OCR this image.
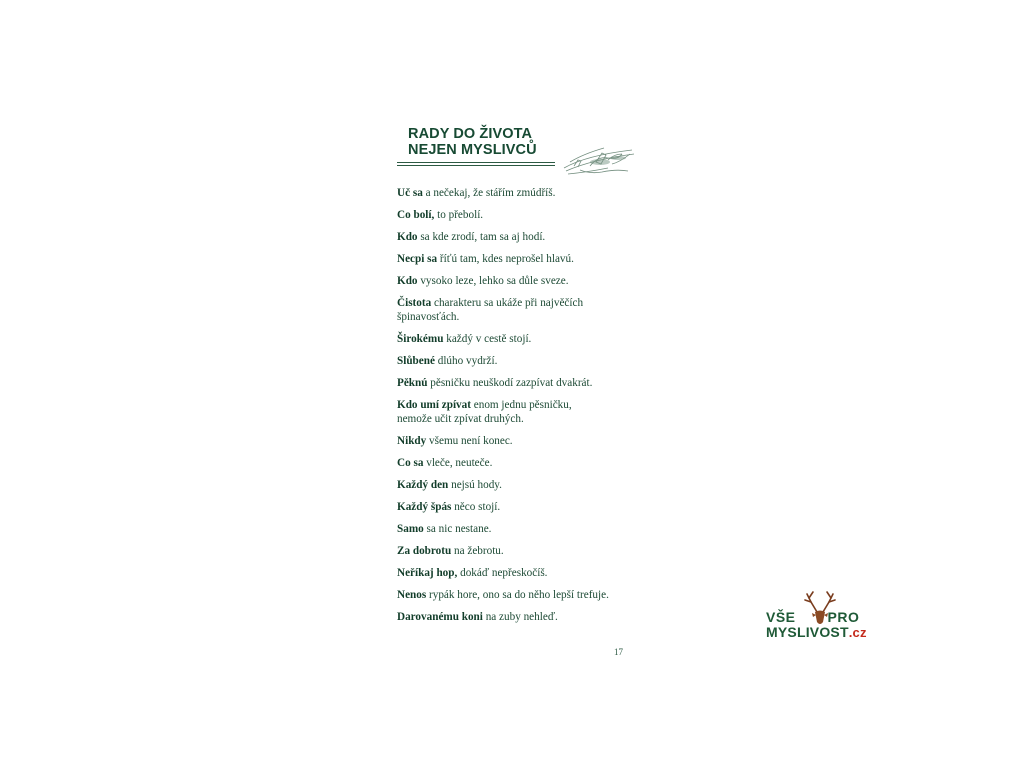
RADY DO ŽIVOTA
NEJEN MYSLIVCŮ
Uč sa a nečekaj, že stářím zmúdříš.
Co bolí, to přebolí.
Kdo sa kde zrodí, tam sa aj hodí.
Necpi sa říťú tam, kdes neprošel hlavú.
Kdo vysoko leze, lehko sa důle sveze.
Čistota charakteru sa ukáže při najvěčích špinavosťách.
Širokému každý v cestě stojí.
Slůbené dlúho vydrží.
Pěknú pěsničku neuškodí zazpívat dvakrát.
Kdo umí zpívat enom jednu pěsničku, nemože učit zpívat druhých.
Nikdy všemu není konec.
Co sa vleče, neuteče.
Každý den nejsú hody.
Každý špás něco stojí.
Samo sa nic nestane.
Za dobrotu na žebrotu.
Neříkaj hop, dokáď nepřeskočíš.
Nenos rypák hore, ono sa do něho lepší trefuje.
Darovanému koni na zuby nehleď.
17
VŠE PRO
MYSLIVOST.cz
